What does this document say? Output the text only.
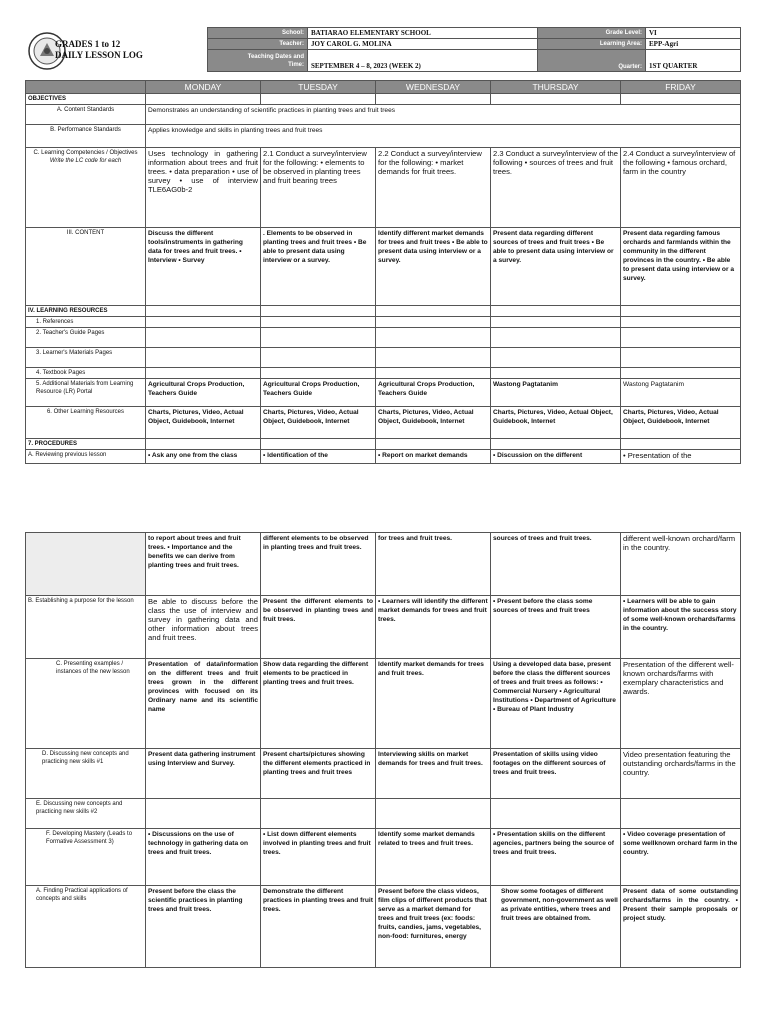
GRADES 1 to 12
DAILY LESSON LOG
School:	BATIARAO ELEMENTARY SCHOOL	Grade Level:	VI
Teacher:	JOY CAROL G. MOLINA	Learning Area:	EPP-Agri
Teaching Dates and
Time:	SEPTEMBER 4 – 8, 2023 (WEEK 2)	Quarter:	1ST QUARTER

	MONDAY	TUESDAY	WEDNESDAY	THURSDAY	FRIDAY
OBJECTIVES					
A. Content Standards	Demonstrates an understanding of scientific practices in planting trees and fruit trees				
B. Performance Standards	Applies knowledge and skills in planting trees and fruit trees				

C. Learning Competencies / Objectives
Write the LC code for each	Uses technology in gathering information about trees and fruit trees. • data preparation • use of survey • use of interview TLE6AG0b-2	2.1 Conduct a survey/interview for the following: • elements to be observed in planting trees and fruit bearing trees	2.2 Conduct a survey/interview for the following: • market demands for fruit trees.	2.3 Conduct a survey/interview of the following • sources of trees and fruit trees.	2.4 Conduct a survey/interview of the following • famous orchard, farm in the country
III. CONTENT	Discuss the different tools/instruments in gathering data for trees and fruit trees. • Interview • Survey	. Elements to be observed in planting trees and fruit trees • Be able to present data using interview or a survey.	Identify different market demands for trees and fruit trees • Be able to present data using interview or a survey.	Present data regarding different sources of trees and fruit trees • Be able to present data using interview or a survey.	Present data regarding famous orchards and farmlands within the community in the different provinces in the country. • Be able to present data using interview or a survey.
IV. LEARNING RESOURCES					
1. References					
2. Teacher's Guide Pages					
3. Learner's Materials Pages					
4. Textbook Pages					
5. Additional Materials from Learning Resource (LR) Portal	Agricultural Crops Production, Teachers Guide	Agricultural Crops Production, Teachers Guide	Agricultural Crops Production, Teachers Guide	Wastong Pagtatanim	Wastong Pagtatanim
6. Other Learning Resources	Charts, Pictures, Video, Actual Object, Guidebook, Internet	Charts, Pictures, Video, Actual Object, Guidebook, Internet	Charts, Pictures, Video, Actual Object, Guidebook, Internet	Charts, Pictures, Video, Actual Object, Guidebook, Internet	Charts, Pictures, Video, Actual Object, Guidebook, Internet
7. PROCEDURES					
A. Reviewing previous lesson	• Ask any one from the class	• Identification of the	• Report on market demands	• Discussion on the different	• Presentation of the
	to report about trees and fruit trees. • Importance and the benefits we can derive from planting trees and fruit trees.	different elements to be observed in planting trees and fruit trees.	for trees and fruit trees.	sources of trees and fruit trees.	different well-known orchard/farm in the country.
B. Establishing a purpose for the lesson	Be able to discuss before the class the use of interview and survey in gathering data and other information about trees and fruit trees.	Present the different elements to be observed in planting trees and fruit trees.	• Learners will identify the different market demands for trees and fruit trees.	• Present before the class some sources of trees and fruit trees	• Learners will be able to gain information about the success story of some well-known orchards/farms in the country.
C. Presenting examples / instances of the new lesson	Presentation of data/information on the different trees and fruit trees grown in the different provinces with focused on its Ordinary name and its scientific name	Show data regarding the different elements to be practiced in planting trees and fruit trees.	Identify market demands for trees and fruit trees.	Using a developed data base, present before the class the different sources of trees and fruit trees as follows: • Commercial Nursery • Agricultural Institutions • Department of Agriculture • Bureau of Plant Industry	Presentation of the different well-known orchards/farms with exemplary characteristics and awards.
D. Discussing new concepts and practicing new skills #1	Present data gathering instrument using Interview and Survey.	Present charts/pictures showing the different elements practiced in planting trees and fruit trees	Interviewing skills on market demands for trees and fruit trees.	Presentation of skills using video footages on the different sources of trees and fruit trees.	Video presentation featuring the outstanding orchards/farms in the country.
E. Discussing new concepts and practicing new skills #2					
F. Developing Mastery (Leads to Formative Assessment 3)	• Discussions on the use of technology in gathering data on trees and fruit trees.	• List down different elements involved in planting trees and fruit trees.	Identify some market demands related to trees and fruit trees.	• Presentation skills on the different agencies, partners being the source of trees and fruit trees.	• Video coverage presentation of some wellknown orchard farm in the country.
A. Finding Practical applications of concepts and skills	Present before the class the scientific practices in planting trees and fruit trees.	Demonstrate the different practices in planting trees and fruit trees.	Present before the class videos, film clips of different products that serve as a market demand for trees and fruit trees (ex: foods: fruits, candies, jams, vegetables, non-food: furnitures, energy	Show some footages of different government, non-government as well as private entities, where trees and fruit trees are obtained from.	Present data of some outstanding orchards/farms in the country. • Present their sample proposals or project study.
